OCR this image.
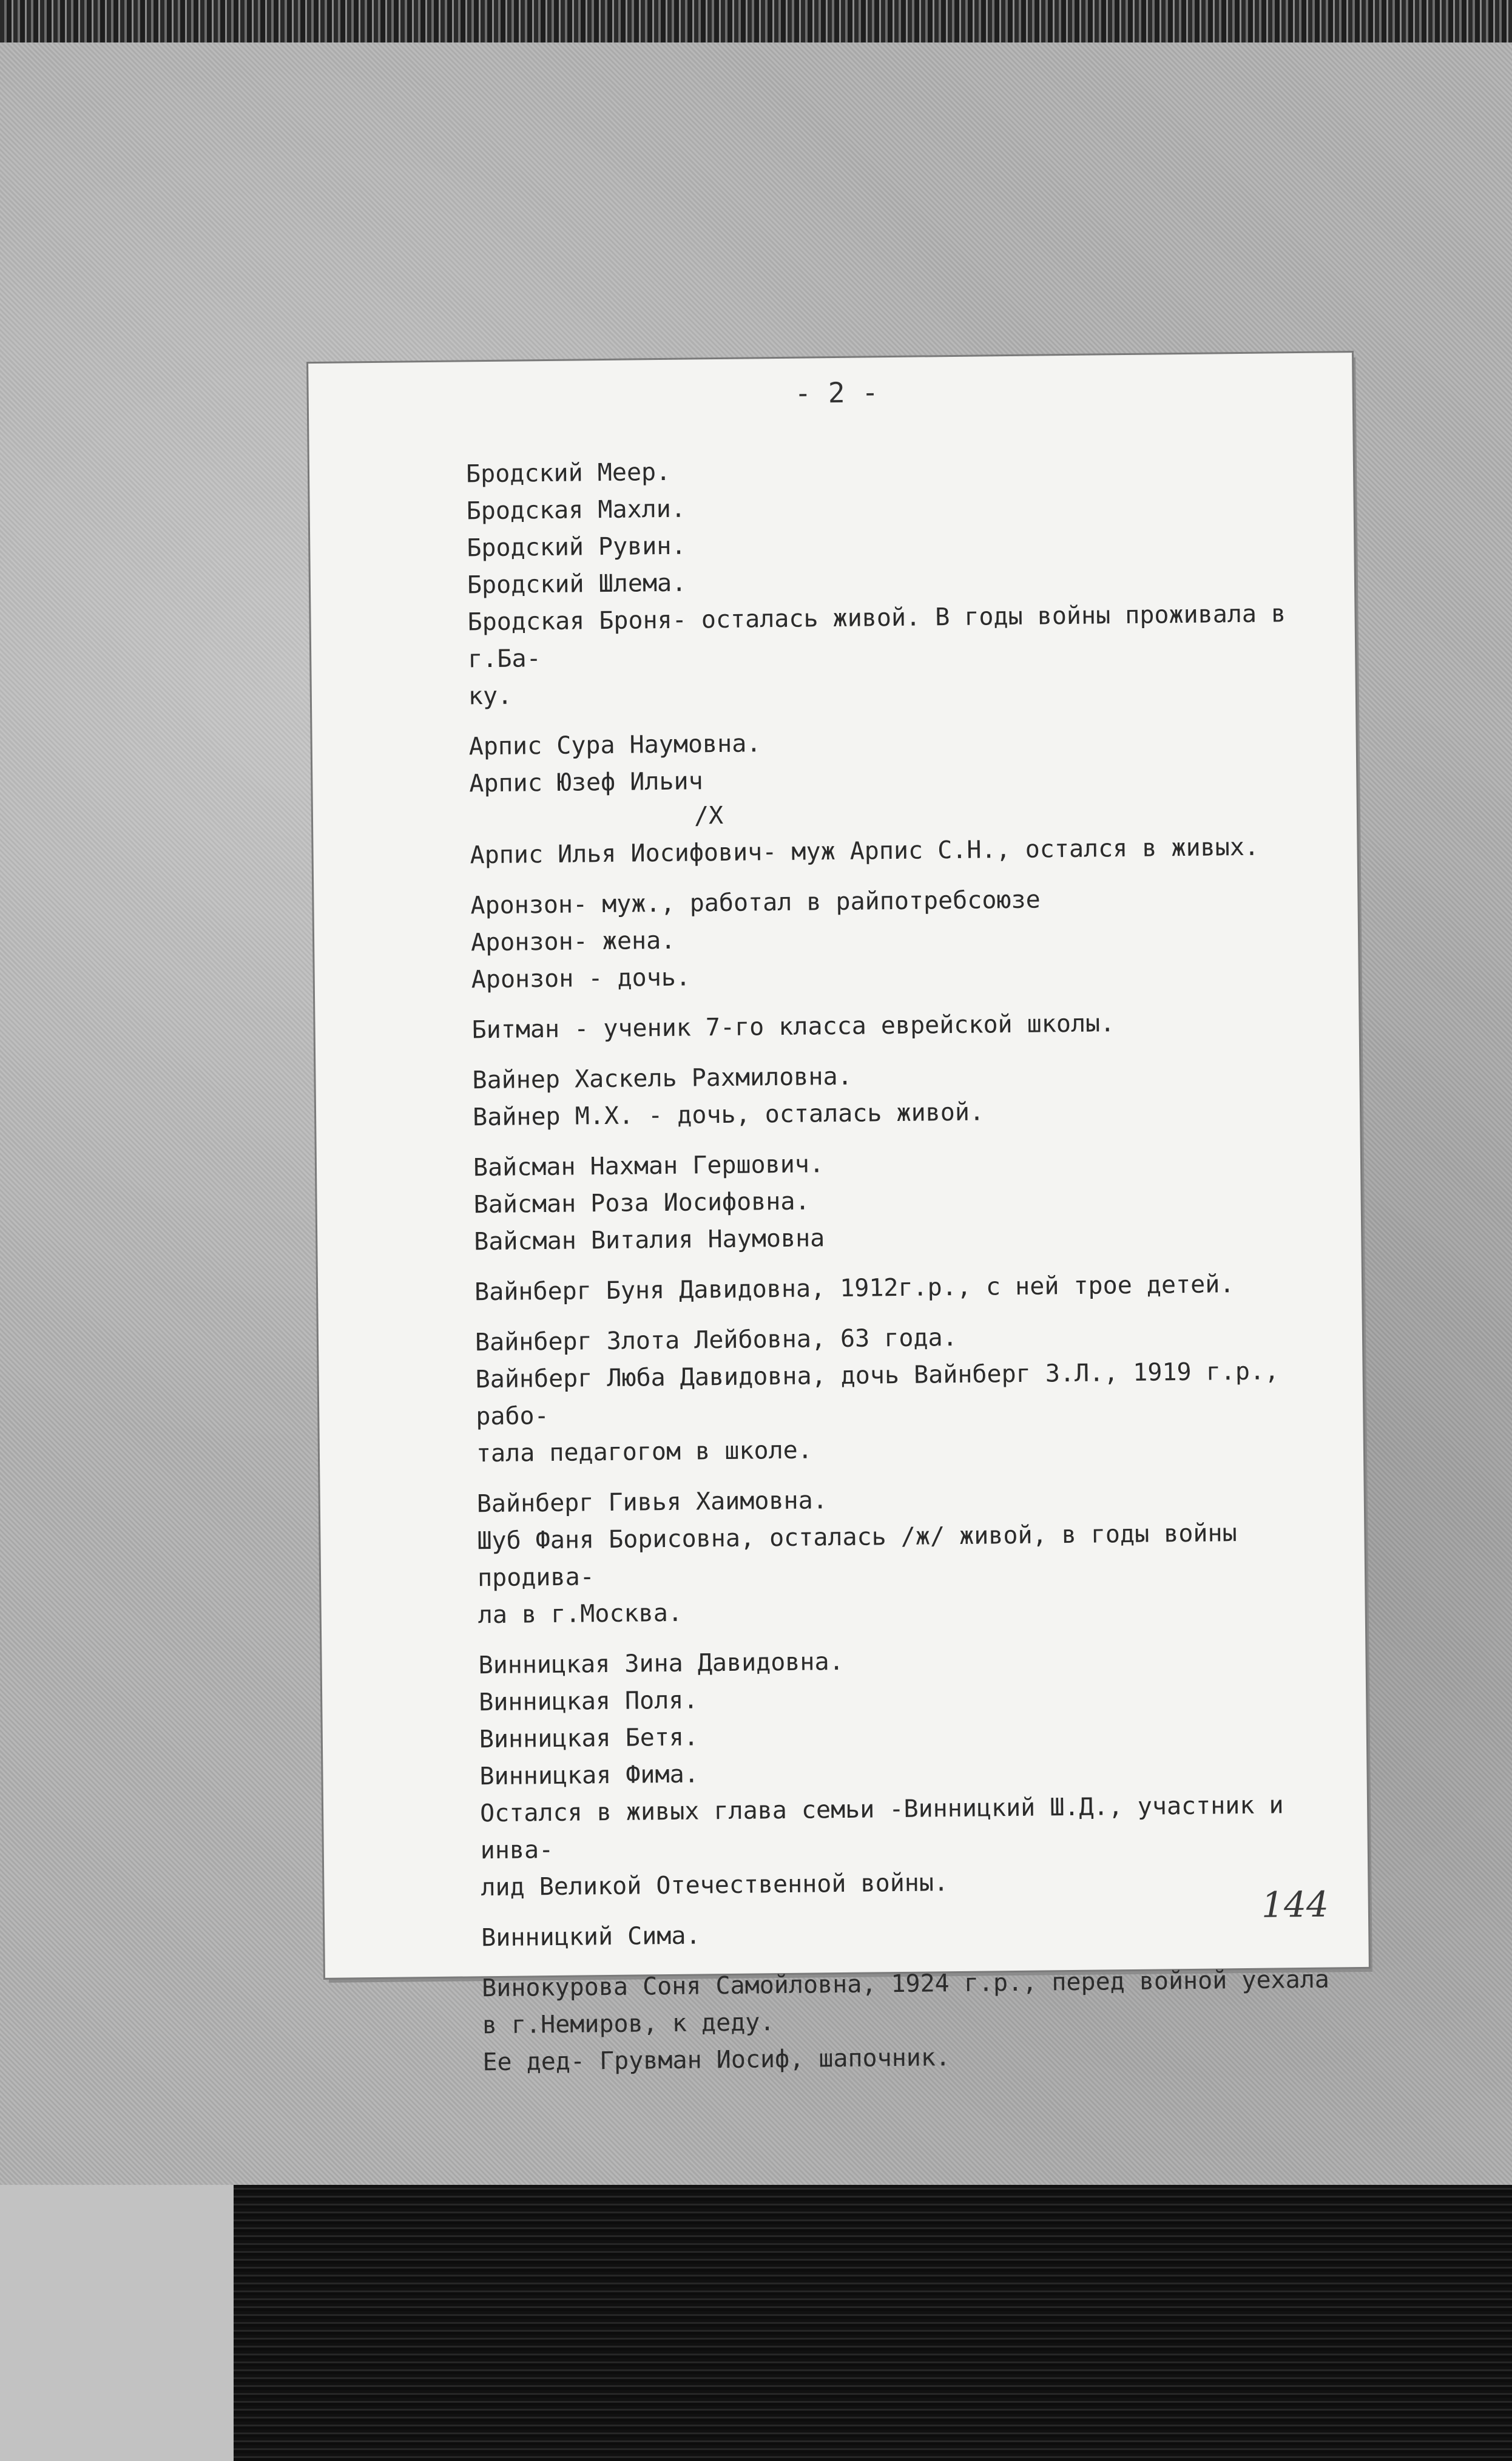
- 2 -

Бродский Меер.

Бродская Махли.

Бродский Рувин.

Бродский Шлема.

Бродская Броня- осталась живой. В годы войны проживала в г.Ба-

ку.

Арпис Сура Наумовна.

Арпис Юзеф Ильич

/Х

Арпис Илья Иосифович- муж Арпис С.Н., остался в живых.

Аронзон- муж., работал в райпотребсоюзе

Аронзон- жена.

Аронзон - дочь.

Битман - ученик 7-го класса еврейской школы.

Вайнер Хаскель Рахмиловна.

Вайнер М.Х. - дочь, осталась живой.

Вайсман Нахман Гершович.

Вайсман Роза Иосифовна.

Вайсман Виталия Наумовна

Вайнберг Буня Давидовна, 1912г.р., с ней трое детей.

Вайнберг Злота Лейбовна, 63 года.

Вайнберг Люба Давидовна, дочь Вайнберг З.Л., 1919 г.р., рабо-

тала педагогом в школе.

Вайнберг Гивья Хаимовна.

Шуб Фаня Борисовна, осталась /ж/ живой, в годы войны продива-

ла в г.Москва.

Винницкая Зина Давидовна.

Винницкая Поля.

Винницкая Бетя.

Винницкая Фима.

Остался в живых глава семьи -Винницкий Ш.Д., участник и инва-

лид Великой Отечественной войны.

Винницкий Сима.

Винокурова Соня Самойловна, 1924 г.р., перед войной уехала

в г.Немиров, к деду.

Ее дед- Грувман Иосиф, шапочник.

144
